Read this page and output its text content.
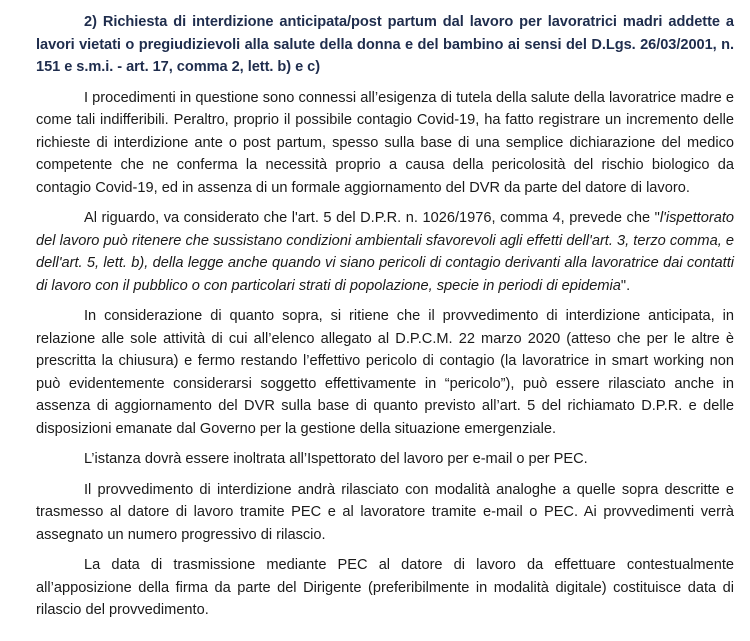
2) Richiesta di interdizione anticipata/post partum dal lavoro per lavoratrici madri addette a lavori vietati o pregiudizievoli alla salute della donna e del bambino ai sensi del D.Lgs. 26/03/2001, n. 151 e s.m.i. - art. 17, comma 2, lett. b) e c)

I procedimenti in questione sono connessi all’esigenza di tutela della salute della lavoratrice madre e come tali indifferibili. Peraltro, proprio il possibile contagio Covid-19, ha fatto registrare un incremento delle richieste di interdizione ante o post partum, spesso sulla base di una semplice dichiarazione del medico competente che ne conferma la necessità proprio a causa della pericolosità del rischio biologico da contagio Covid-19, ed in assenza di un formale aggiornamento del DVR da parte del datore di lavoro.

Al riguardo, va considerato che l'art. 5 del D.P.R. n. 1026/1976, comma 4, prevede che "l'ispettorato del lavoro può ritenere che sussistano condizioni ambientali sfavorevoli agli effetti dell'art. 3, terzo comma, e dell'art. 5, lett. b), della legge anche quando vi siano pericoli di contagio derivanti alla lavoratrice dai contatti di lavoro con il pubblico o con particolari strati di popolazione, specie in periodi di epidemia".

In considerazione di quanto sopra, si ritiene che il provvedimento di interdizione anticipata, in relazione alle sole attività di cui all’elenco allegato al D.P.C.M. 22 marzo 2020 (atteso che per le altre è prescritta la chiusura) e fermo restando l’effettivo pericolo di contagio (la lavoratrice in smart working non può evidentemente considerarsi soggetto effettivamente in “pericolo”), può essere rilasciato anche in assenza di aggiornamento del DVR sulla base di quanto previsto all’art. 5 del richiamato D.P.R. e delle disposizioni emanate dal Governo per la gestione della situazione emergenziale.

L’istanza dovrà essere inoltrata all’Ispettorato del lavoro per e-mail o per PEC.

Il provvedimento di interdizione andrà rilasciato con modalità analoghe a quelle sopra descritte e trasmesso al datore di lavoro tramite PEC e al lavoratore tramite e-mail o PEC. Ai provvedimenti verrà assegnato un numero progressivo di rilascio.

La data di trasmissione mediante PEC al datore di lavoro da effettuare contestualmente all’apposizione della firma da parte del Dirigente (preferibilmente in modalità digitale) costituisce data di rilascio del provvedimento.
